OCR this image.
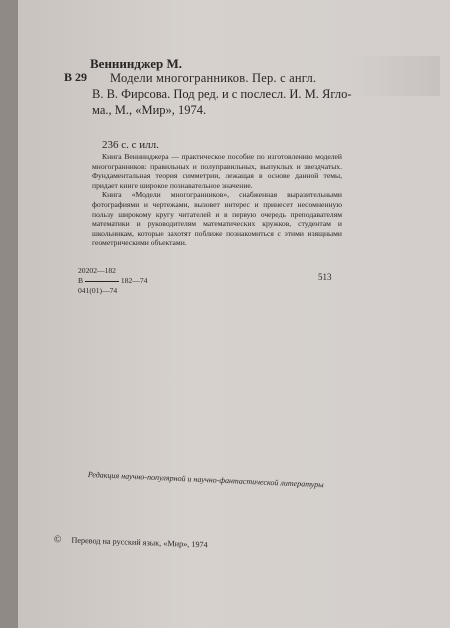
Веннинджер М.
В 29 Модели многогранников. Пер. с англ.
В. В. Фирсова. Под ред. и с послесл. И. М. Ягло-
ма., М., «Мир», 1974.
236 с. с илл.

Книга Веннинджера — практическое пособие по изготовлению моделей многогранников: правильных и полуправильных, выпуклых и звездчатых. Фундаментальная теория симметрии, лежащая в основе данной темы, придает книге широкое познавательное значение.

Книга «Модели многогранников», снабженная выразительными фотографиями и чертежами, вызовет интерес и принесет несомненную пользу широкому кругу читателей и в первую очередь преподавателям математики и руководителям математических кружков, студентам и школьникам, которые захотят поближе познакомиться с этими изящными геометрическими объектами.

20202—182
В	182—74
041(01)—74
513
Редакция научно-популярной и научно-фантастической литературы
© Перевод на русский язык, «Мир», 1974
